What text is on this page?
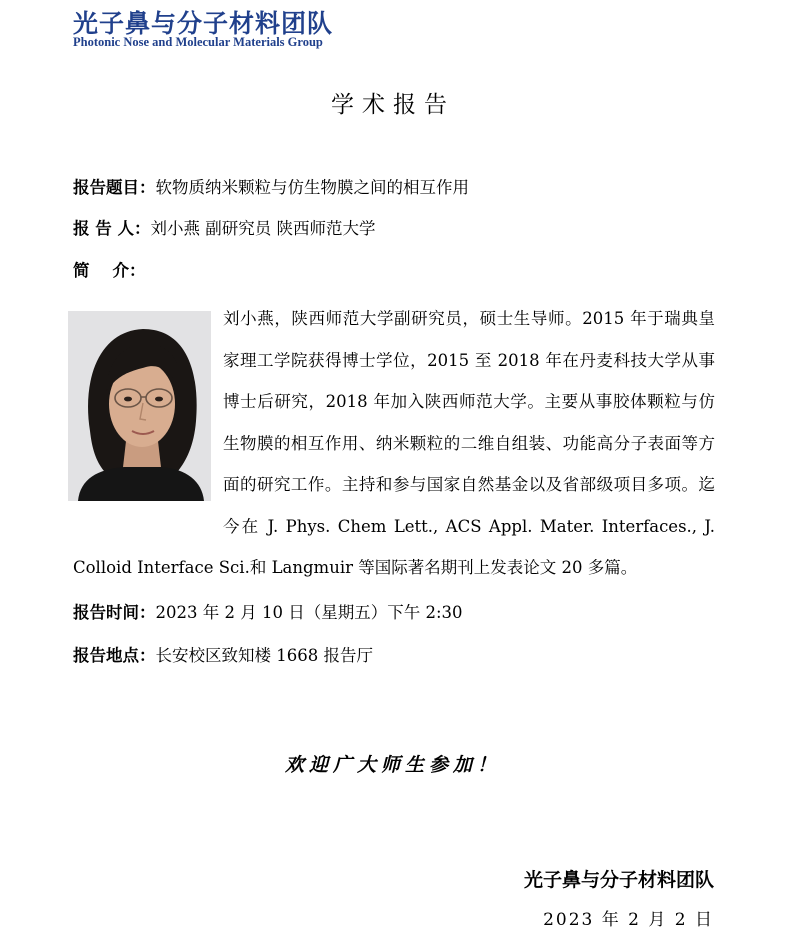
光子鼻与分子材料团队
Photonic Nose and Molecular Materials Group
学术报告
报告题目：软物质纳米颗粒与仿生物膜之间的相互作用
报 告 人：刘小燕 副研究员 陕西师范大学
简    介：
刘小燕，陕西师范大学副研究员，硕士生导师。2015 年于瑞典皇家理工学院获得博士学位，2015 至 2018 年在丹麦科技大学从事博士后研究，2018 年加入陕西师范大学。主要从事胶体颗粒与仿生物膜的相互作用、纳米颗粒的二维自组装、功能高分子表面等方面的研究工作。主持和参与国家自然基金以及省部级项目多项。迄今在 J. Phys. Chem Lett., ACS Appl. Mater. Interfaces., J. Colloid Interface Sci.和 Langmuir 等国际著名期刊上发表论文 20 多篇。
报告时间：2023 年 2 月 10 日（星期五）下午 2:30
报告地点：长安校区致知楼 1668 报告厅
欢迎广大师生参加！
光子鼻与分子材料团队
2023 年 2 月 2 日
